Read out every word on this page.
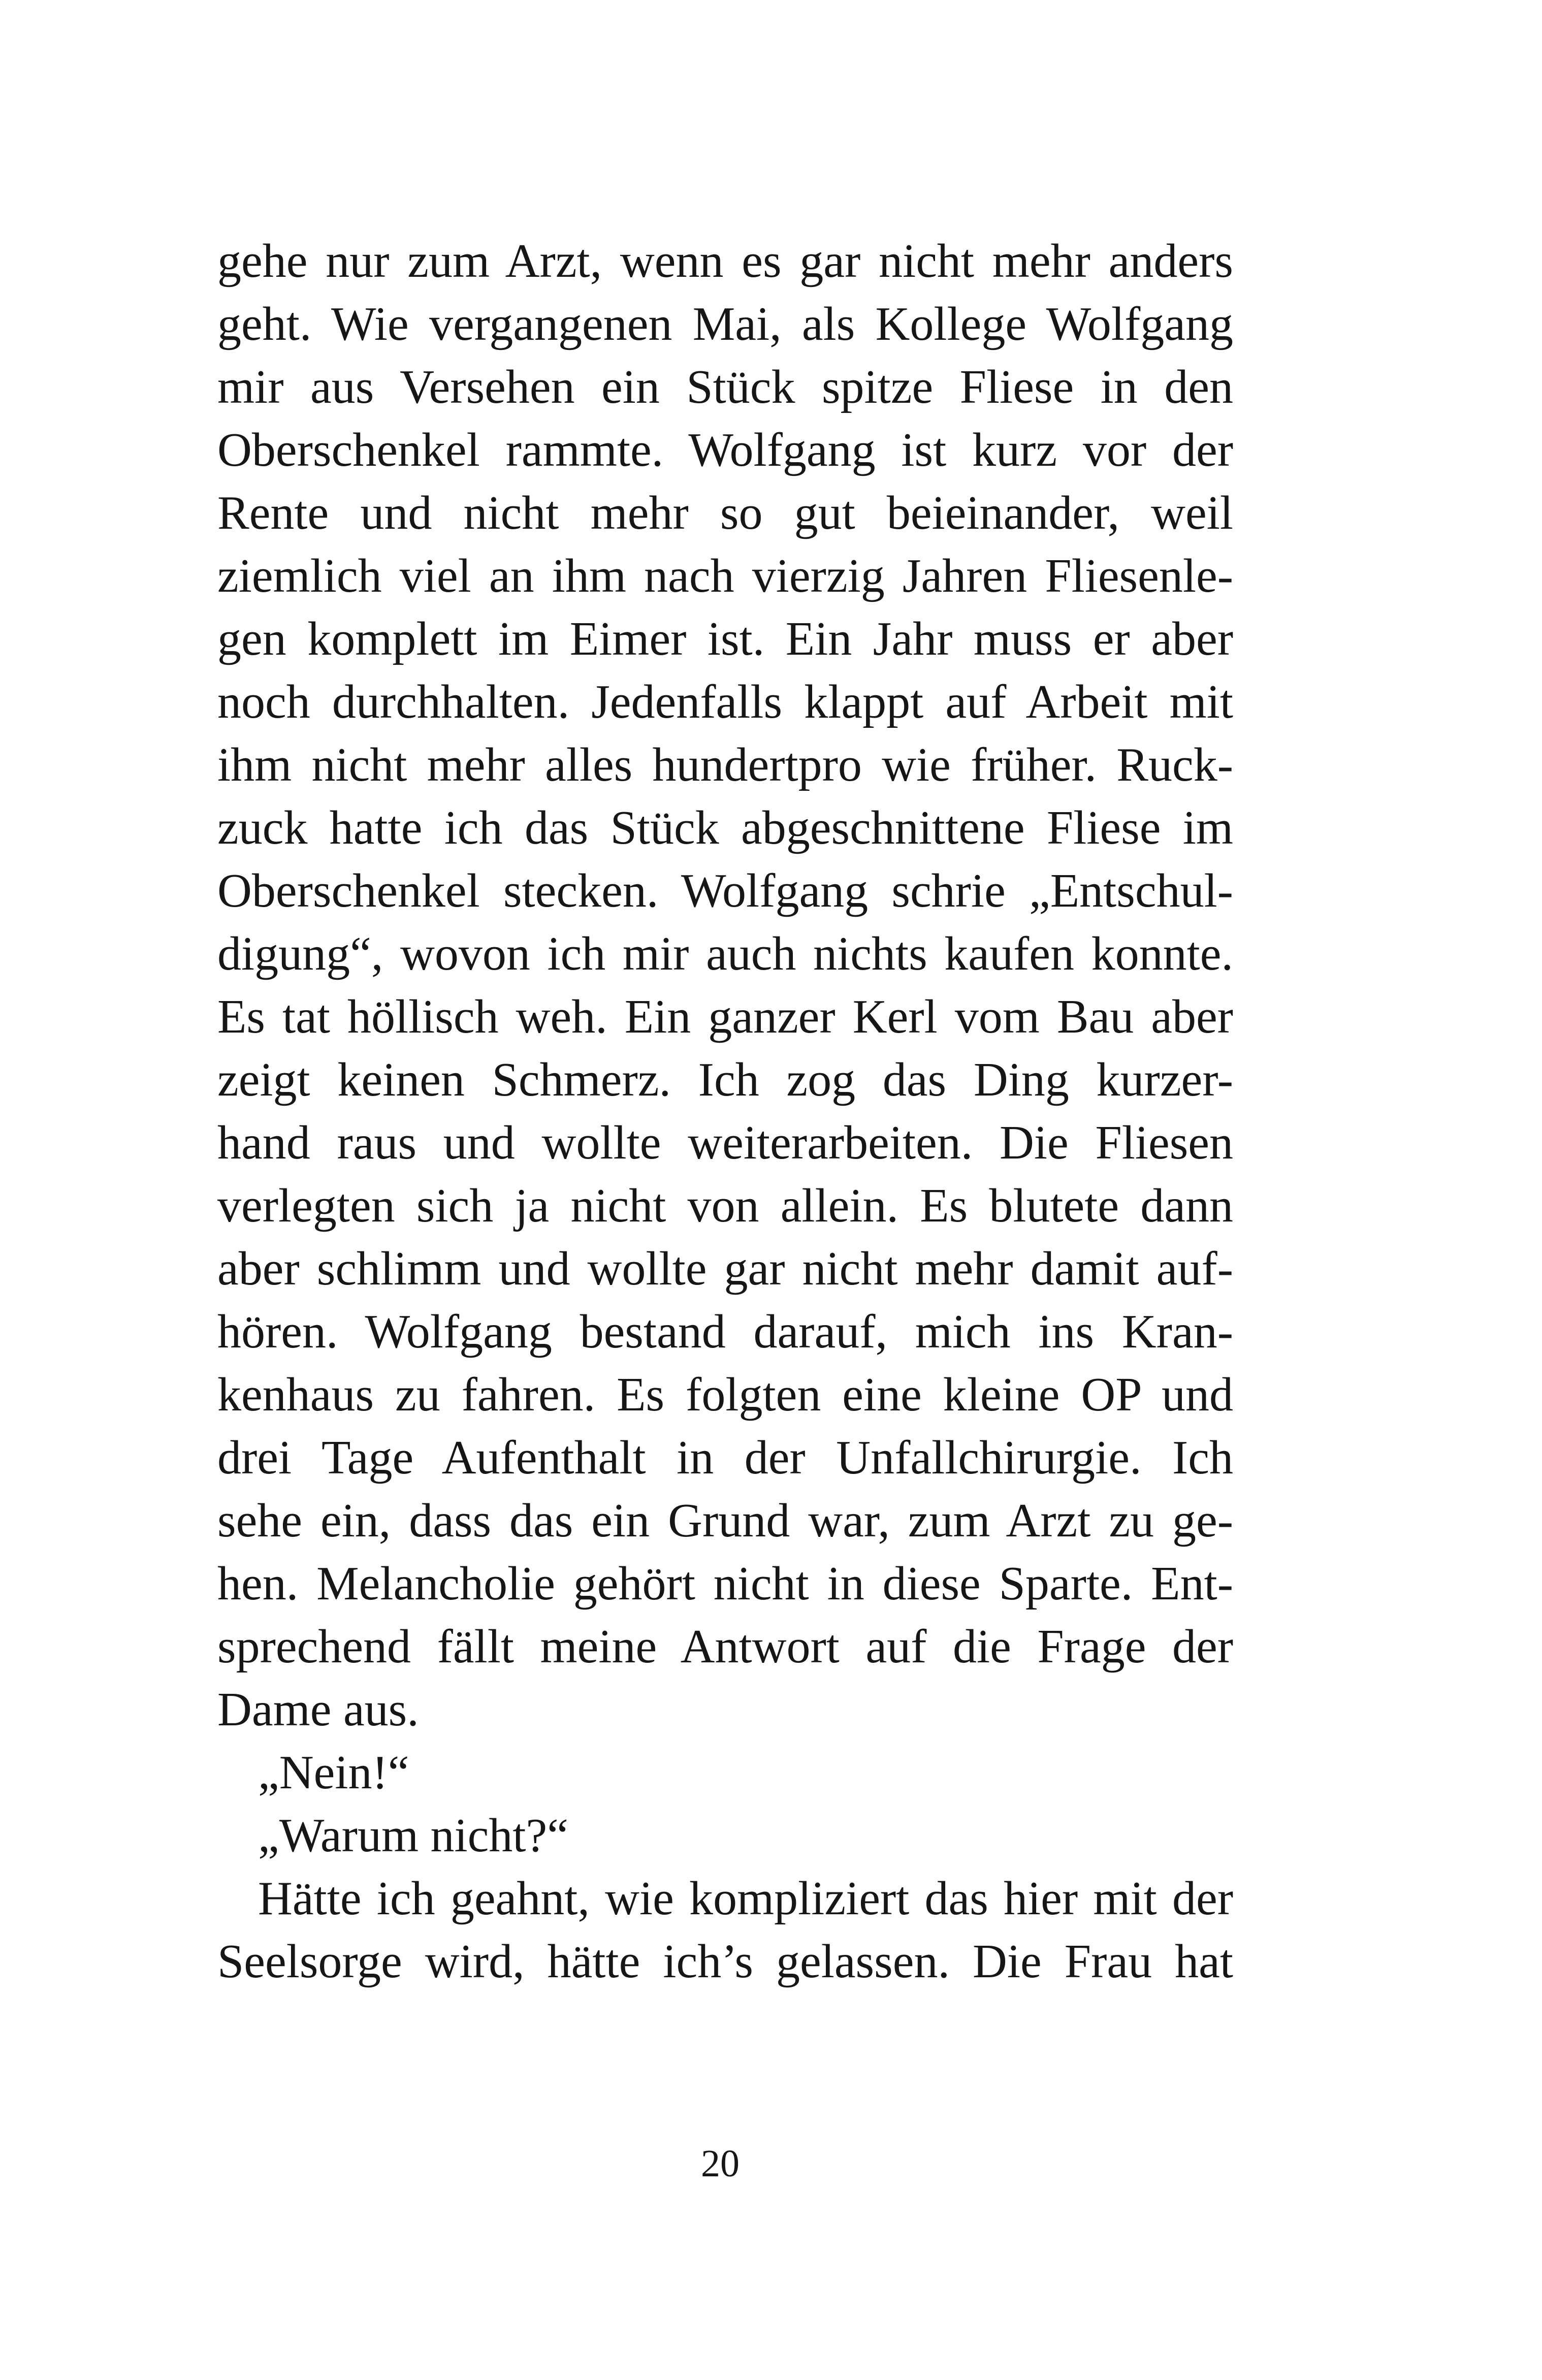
gehe nur zum Arzt, wenn es gar nicht mehr anders
geht. Wie vergangenen Mai, als Kollege Wolfgang
mir aus Versehen ein Stück spitze Fliese in den
Oberschenkel rammte. Wolfgang ist kurz vor der
Rente und nicht mehr so gut beieinander, weil
ziemlich viel an ihm nach vierzig Jahren Fliesenle-
gen komplett im Eimer ist. Ein Jahr muss er aber
noch durchhalten. Jedenfalls klappt auf Arbeit mit
ihm nicht mehr alles hundertpro wie früher. Ruck-
zuck hatte ich das Stück abgeschnittene Fliese im
Oberschenkel stecken. Wolfgang schrie „Entschul-
digung“, wovon ich mir auch nichts kaufen konnte.
Es tat höllisch weh. Ein ganzer Kerl vom Bau aber
zeigt keinen Schmerz. Ich zog das Ding kurzer-
hand raus und wollte weiterarbeiten. Die Fliesen
verlegten sich ja nicht von allein. Es blutete dann
aber schlimm und wollte gar nicht mehr damit auf-
hören. Wolfgang bestand darauf, mich ins Kran-
kenhaus zu fahren. Es folgten eine kleine OP und
drei Tage Aufenthalt in der Unfallchirurgie. Ich
sehe ein, dass das ein Grund war, zum Arzt zu ge-
hen. Melancholie gehört nicht in diese Sparte. Ent-
sprechend fällt meine Antwort auf die Frage der
Dame aus.
„Nein!“
„Warum nicht?“
Hätte ich geahnt, wie kompliziert das hier mit der
Seelsorge wird, hätte ich’s gelassen. Die Frau hat
20
